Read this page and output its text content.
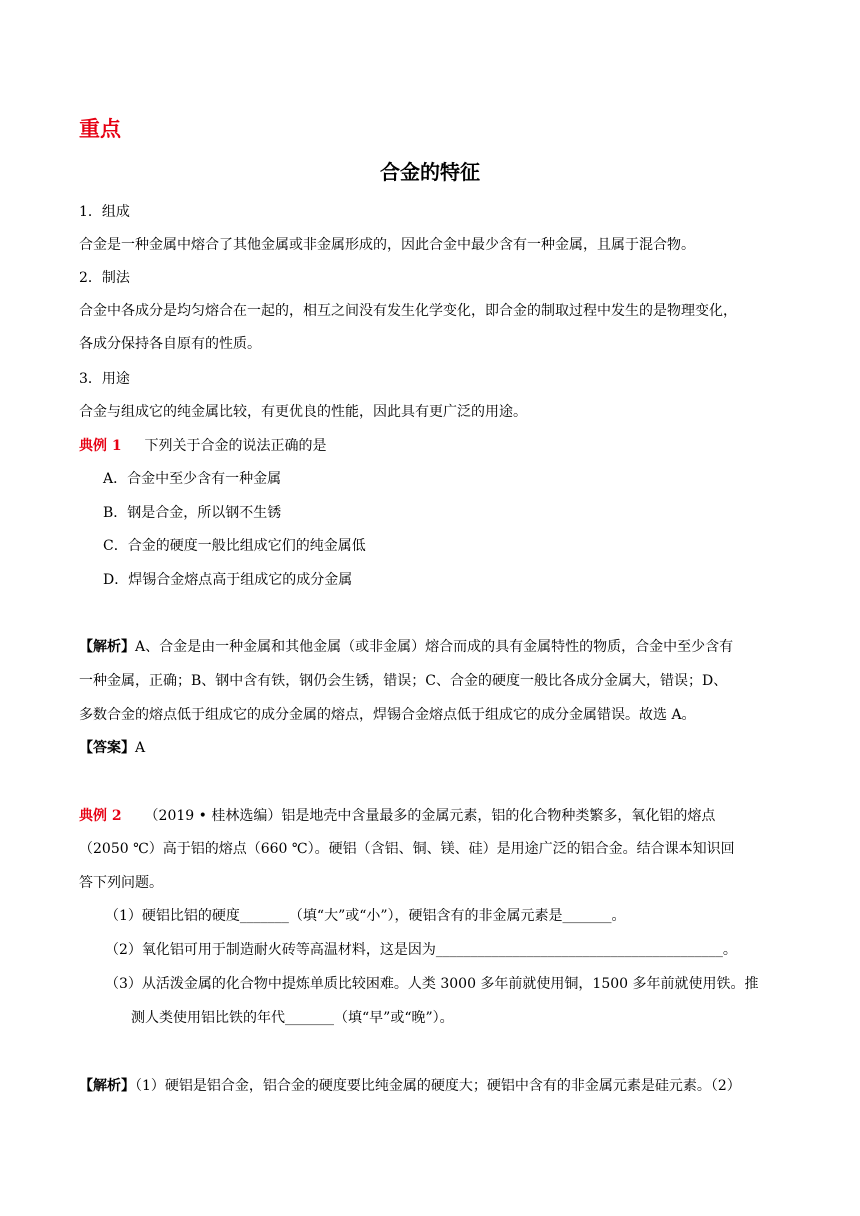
重点
合金的特征
1．组成
合金是一种金属中熔合了其他金属或非金属形成的，因此合金中最少含有一种金属，且属于混合物。
2．制法
合金中各成分是均匀熔合在一起的，相互之间没有发生化学变化，即合金的制取过程中发生的是物理变化，
各成分保持各自原有的性质。
3．用途
合金与组成它的纯金属比较，有更优良的性能，因此具有更广泛的用途。
典例 1 下列关于合金的说法正确的是
A．合金中至少含有一种金属
B．钢是合金，所以钢不生锈
C．合金的硬度一般比组成它们的纯金属低
D．焊锡合金熔点高于组成它的成分金属
【解析】A、合金是由一种金属和其他金属（或非金属）熔合而成的具有金属特性的物质，合金中至少含有
一种金属，正确；B、钢中含有铁，钢仍会生锈，错误；C、合金的硬度一般比各成分金属大，错误；D、
多数合金的熔点低于组成它的成分金属的熔点，焊锡合金熔点低于组成它的成分金属错误。故选 A。
【答案】A
典例 2 （2019 • 桂林选编）铝是地壳中含量最多的金属元素，铝的化合物种类繁多，氧化铝的熔点
（2050 ℃）高于铝的熔点（660 ℃）。硬铝（含铝、铜、镁、硅）是用途广泛的铝合金。结合课本知识回
答下列问题。
（1）硬铝比铝的硬度_______（填“大”或“小”），硬铝含有的非金属元素是_______。
（2）氧化铝可用于制造耐火砖等高温材料，这是因为_________________________________________。
（3）从活泼金属的化合物中提炼单质比较困难。人类 3000 多年前就使用铜，1500 多年前就使用铁。推
测人类使用铝比铁的年代_______（填“早”或“晚”）。
【解析】（1）硬铝是铝合金，铝合金的硬度要比纯金属的硬度大；硬铝中含有的非金属元素是硅元素。（2）
